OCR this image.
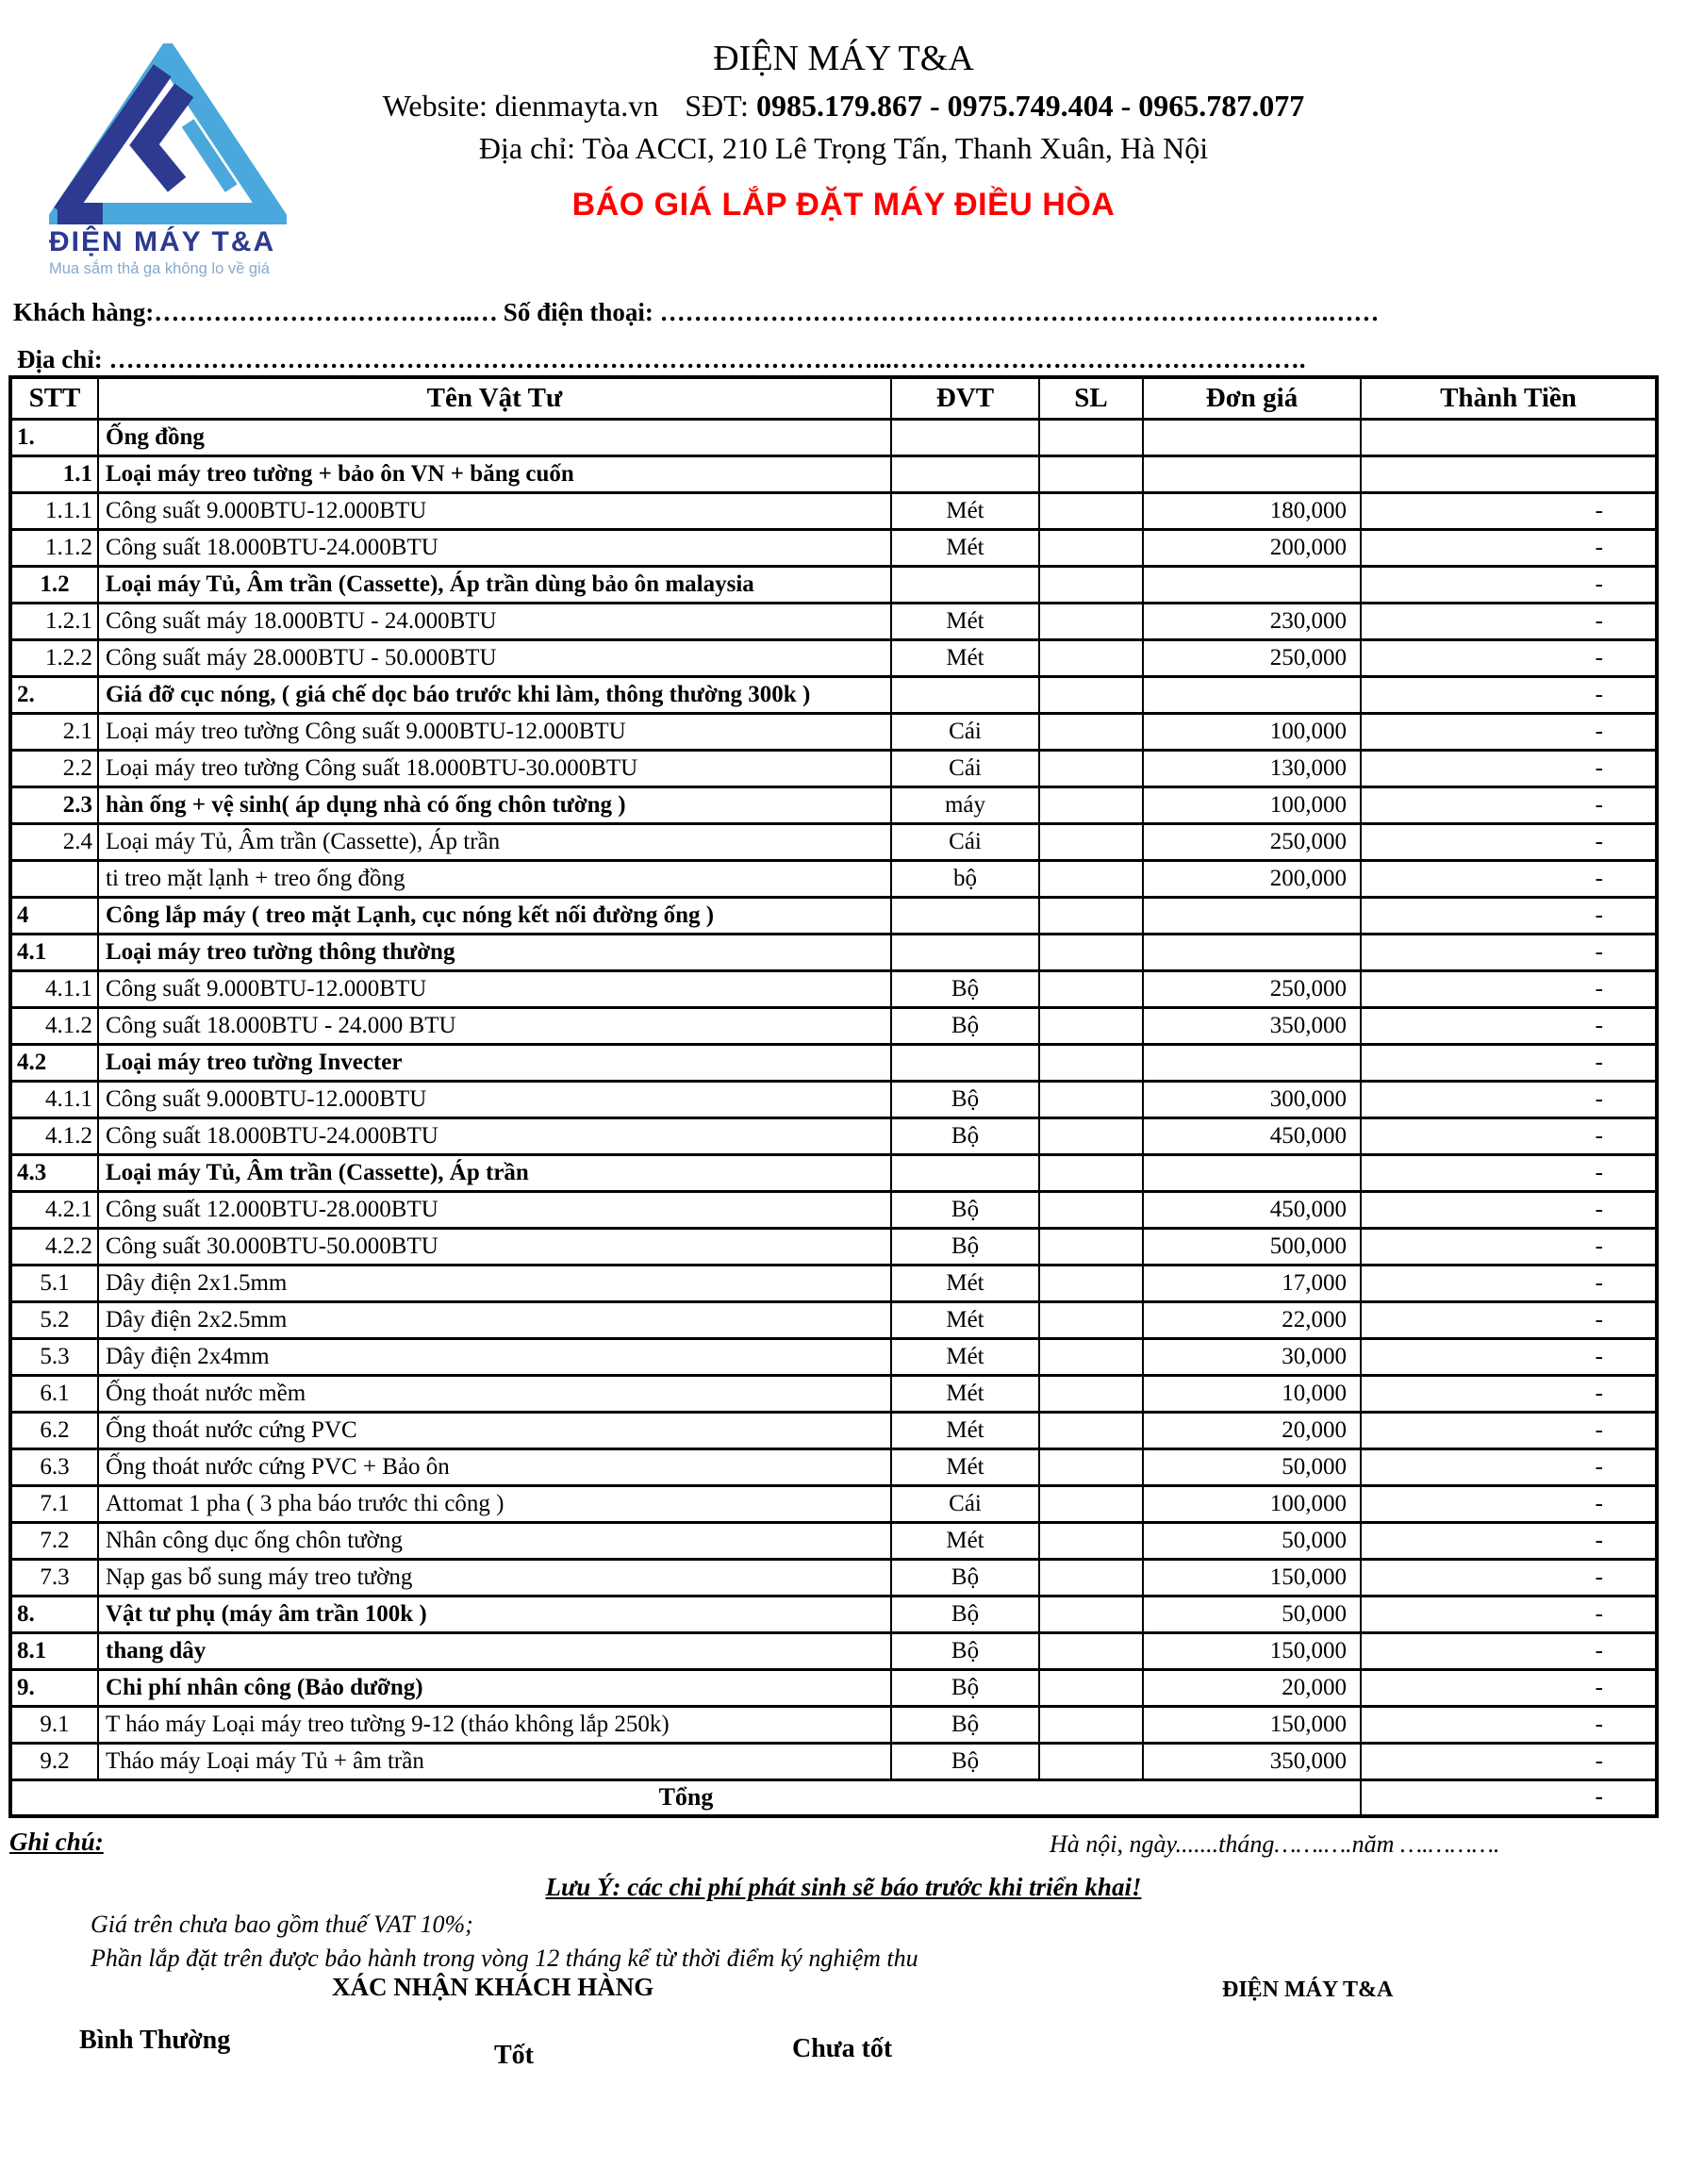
ĐIỆN MÁY T&A
Mua sắm thả ga không lo về giá
ĐIỆN MÁY T&A
Website: dienmayta.vn SĐT: 0985.179.867 - 0975.749.404 - 0965.787.077
Địa chỉ: Tòa ACCI, 210 Lê Trọng Tấn, Thanh Xuân, Hà Nội
BÁO GIÁ LẮP ĐẶT MÁY ĐIỀU HÒA
Khách hàng:………………………………..… Số điện thoại: …………………………………………………………………….……
Địa chỉ: ………………………………………………………………………………...………………………………………….
STT	Tên Vật Tư	ĐVT	SL	Đơn giá	Thành Tiền
1.	Ống đồng				
1.1	Loại máy treo tường + bảo ôn VN + băng cuốn				
1.1.1	Công suất 9.000BTU-12.000BTU	Mét		180,000	-
1.1.2	Công suất 18.000BTU-24.000BTU	Mét		200,000	-
1.2	Loại máy Tủ, Âm trần (Cassette), Áp trần dùng bảo ôn malaysia				-
1.2.1	Công suất máy 18.000BTU - 24.000BTU	Mét		230,000	-
1.2.2	Công suất máy 28.000BTU - 50.000BTU	Mét		250,000	-
2.	Giá đỡ cục nóng, ( giá chế dọc báo trước khi làm, thông thường 300k )				-
2.1	Loại máy treo tường Công suất 9.000BTU-12.000BTU	Cái		100,000	-
2.2	Loại máy treo tường Công suất 18.000BTU-30.000BTU	Cái		130,000	-
2.3	hàn ống + vệ sinh( áp dụng nhà có ống chôn tường )	máy		100,000	-
2.4	Loại máy Tủ, Âm trần (Cassette), Áp trần	Cái		250,000	-
	ti treo mặt lạnh + treo ống đồng	bộ		200,000	-
4	Công lắp máy ( treo mặt Lạnh, cục nóng kết nối đường ống )				-
4.1	Loại máy treo tường thông thường				-
4.1.1	Công suất 9.000BTU-12.000BTU	Bộ		250,000	-
4.1.2	Công suất 18.000BTU - 24.000 BTU	Bộ		350,000	-
4.2	Loại máy treo tường Invecter				-
4.1.1	Công suất 9.000BTU-12.000BTU	Bộ		300,000	-
4.1.2	Công suất 18.000BTU-24.000BTU	Bộ		450,000	-
4.3	Loại máy Tủ, Âm trần (Cassette), Áp trần				-
4.2.1	Công suất 12.000BTU-28.000BTU	Bộ		450,000	-
4.2.2	Công suất 30.000BTU-50.000BTU	Bộ		500,000	-
5.1	Dây điện 2x1.5mm	Mét		17,000	-
5.2	Dây điện 2x2.5mm	Mét		22,000	-
5.3	Dây điện 2x4mm	Mét		30,000	-
6.1	Ống thoát nước mềm	Mét		10,000	-
6.2	Ống thoát nước cứng PVC	Mét		20,000	-
6.3	Ống thoát nước cứng PVC + Bảo ôn	Mét		50,000	-
7.1	Attomat 1 pha ( 3 pha báo trước thi công )	Cái		100,000	-
7.2	Nhân công dục ống chôn tường	Mét		50,000	-
7.3	Nạp gas bổ sung máy treo tường	Bộ		150,000	-
8.	Vật tư phụ (máy âm trần 100k )	Bộ		50,000	-
8.1	thang dây	Bộ		150,000	-
9.	Chi phí nhân công (Bảo dưỡng)	Bộ		20,000	-
9.1	T háo máy Loại máy treo tường 9-12 (tháo không lắp 250k)	Bộ		150,000	-
9.2	Tháo máy Loại máy Tủ + âm trần	Bộ		350,000	-
Tổng					-
Ghi chú:	Hà nội, ngày.......tháng…….….năm ….……….
Lưu Ý: các chi phí phát sinh sẽ báo trước khi triển khai!
Giá trên chưa bao gồm thuế VAT 10%;
Phần lắp đặt trên được bảo hành trong vòng 12 tháng kể từ thời điểm ký nghiệm thu
XÁC NHẬN KHÁCH HÀNG	ĐIỆN MÁY T&A
Bình Thường
Tốt	Chưa tốt
